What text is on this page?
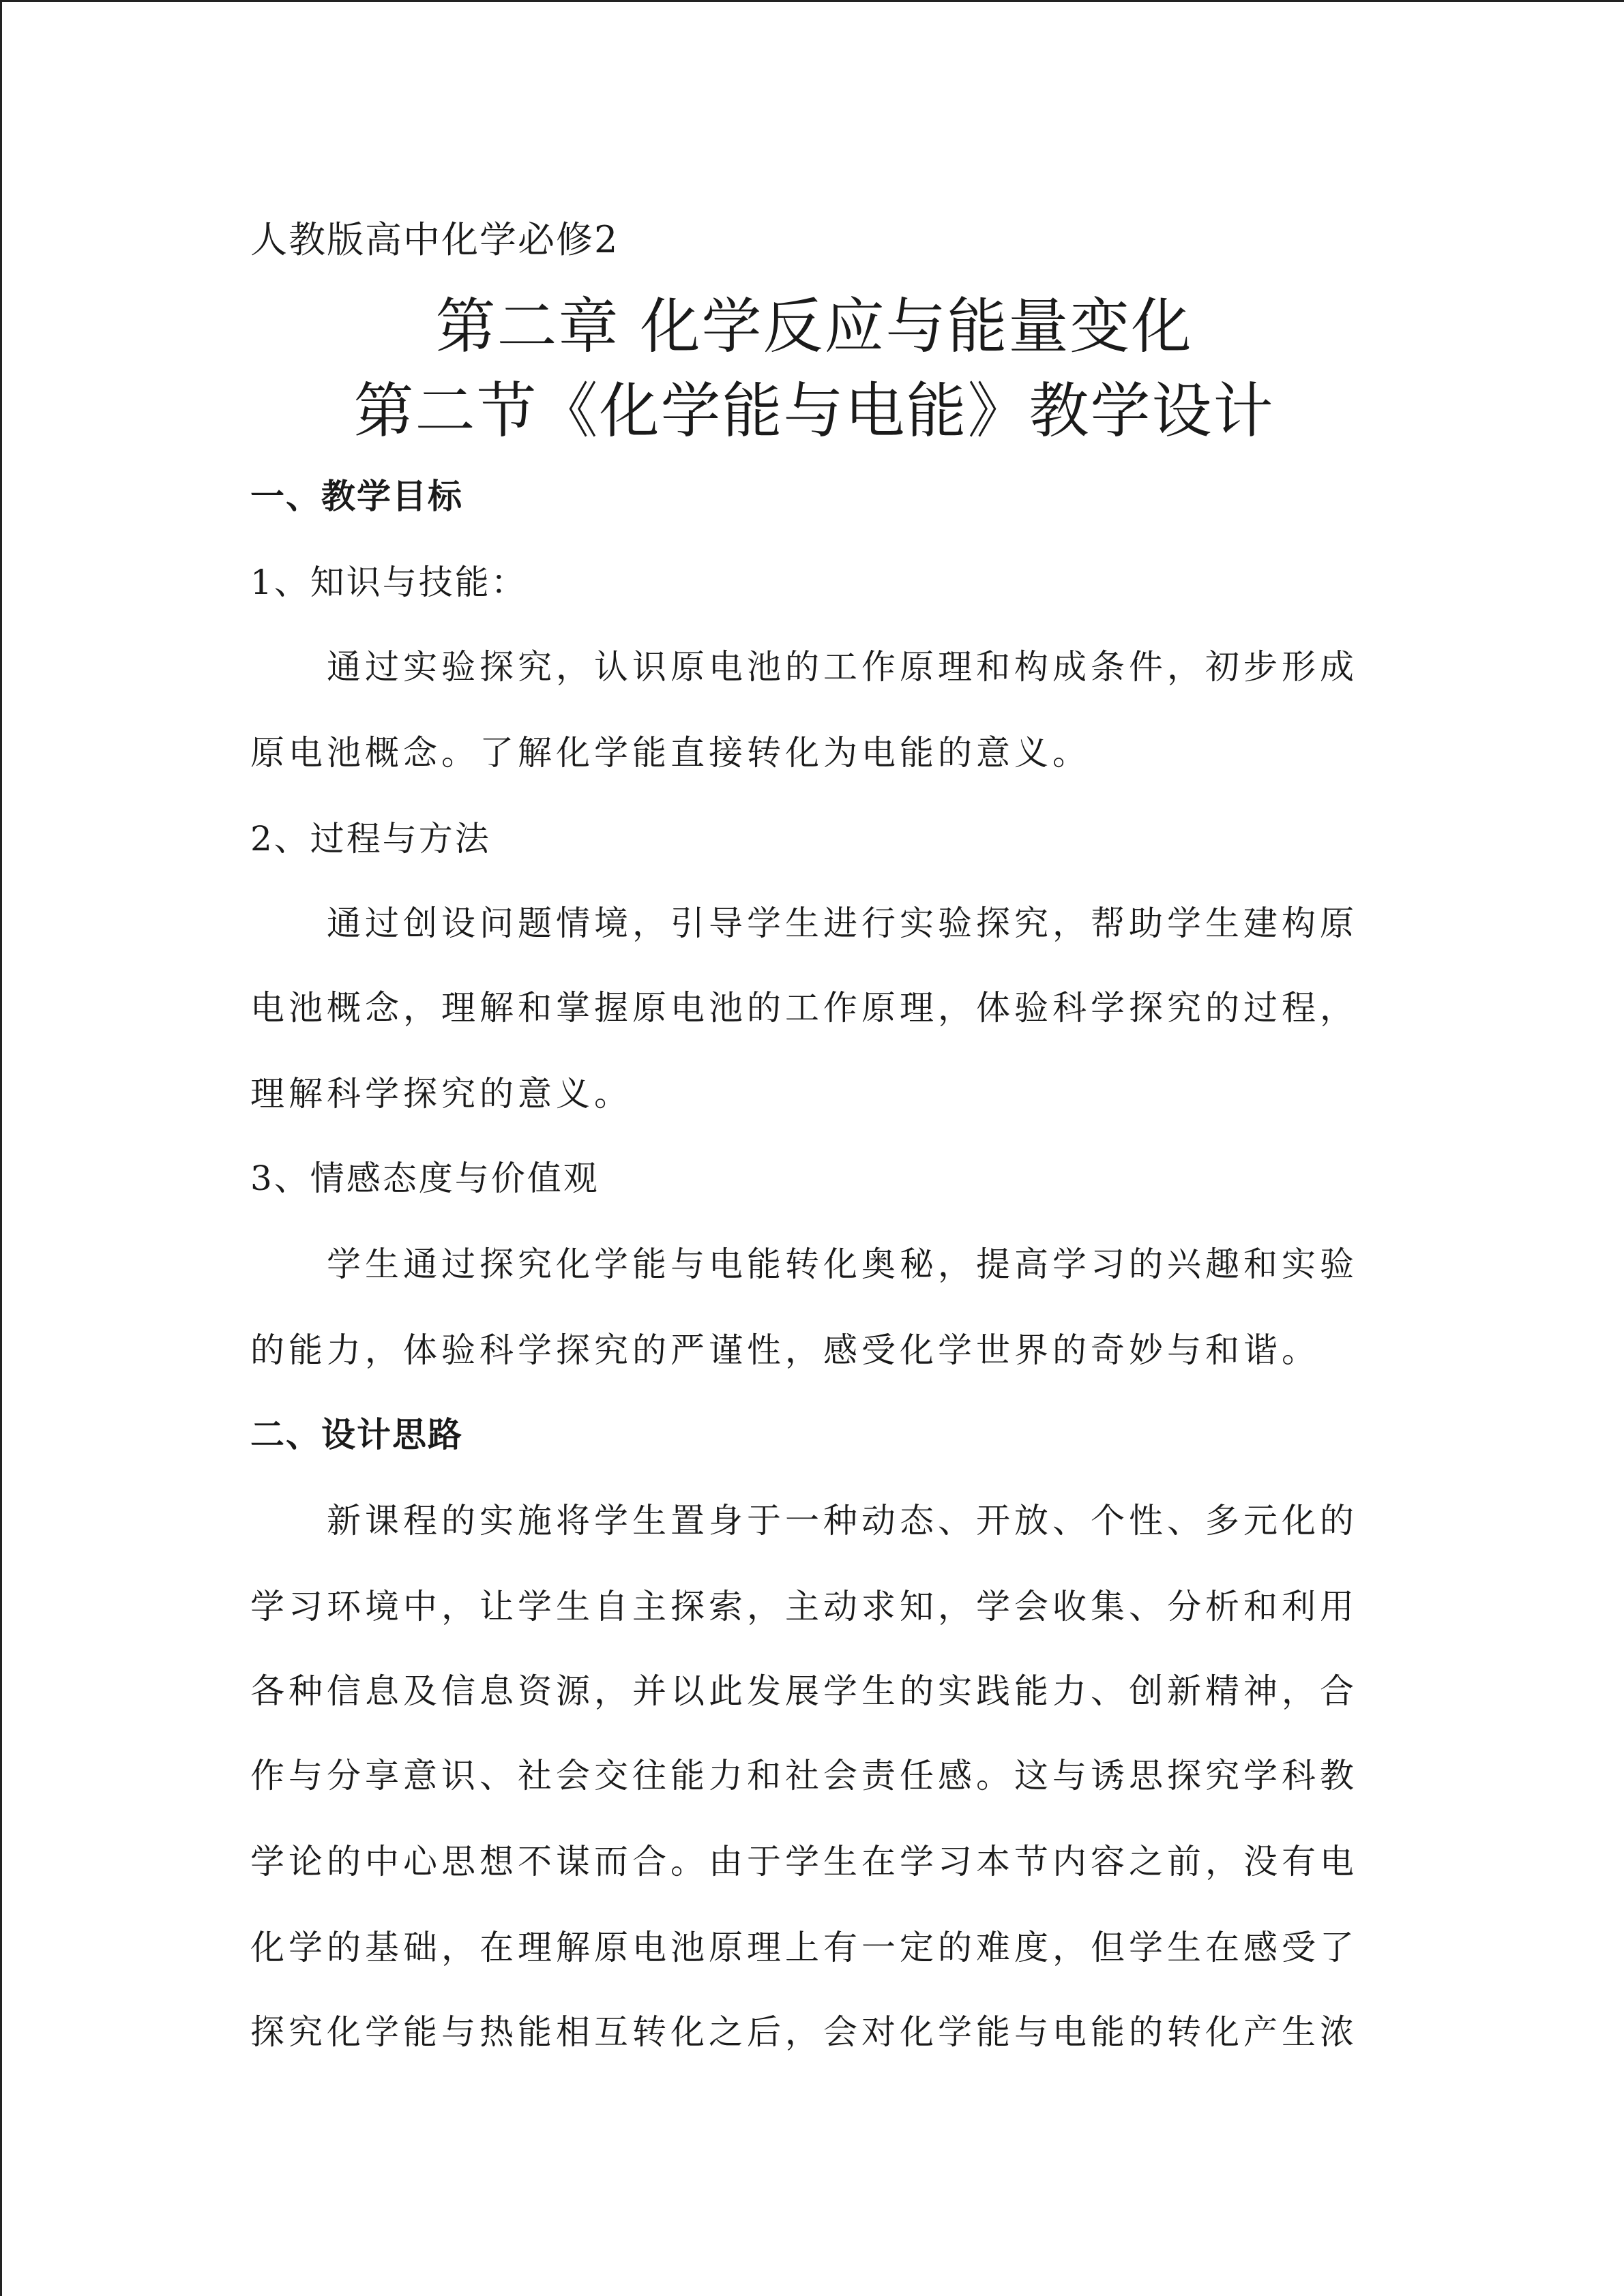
人教版高中化学必修2
第二章 化学反应与能量变化
第二节《化学能与电能》教学设计
一、教学目标
1、知识与技能：
通过实验探究，认识原电池的工作原理和构成条件，初步形成
原电池概念。了解化学能直接转化为电能的意义。
2、过程与方法
通过创设问题情境，引导学生进行实验探究，帮助学生建构原
电池概念，理解和掌握原电池的工作原理，体验科学探究的过程，
理解科学探究的意义。
3、情感态度与价值观
学生通过探究化学能与电能转化奥秘，提高学习的兴趣和实验
的能力，体验科学探究的严谨性，感受化学世界的奇妙与和谐。
二、设计思路
新课程的实施将学生置身于一种动态、开放、个性、多元化的
学习环境中，让学生自主探索，主动求知，学会收集、分析和利用
各种信息及信息资源，并以此发展学生的实践能力、创新精神，合
作与分享意识、社会交往能力和社会责任感。这与诱思探究学科教
学论的中心思想不谋而合。由于学生在学习本节内容之前，没有电
化学的基础，在理解原电池原理上有一定的难度，但学生在感受了
探究化学能与热能相互转化之后，会对化学能与电能的转化产生浓
